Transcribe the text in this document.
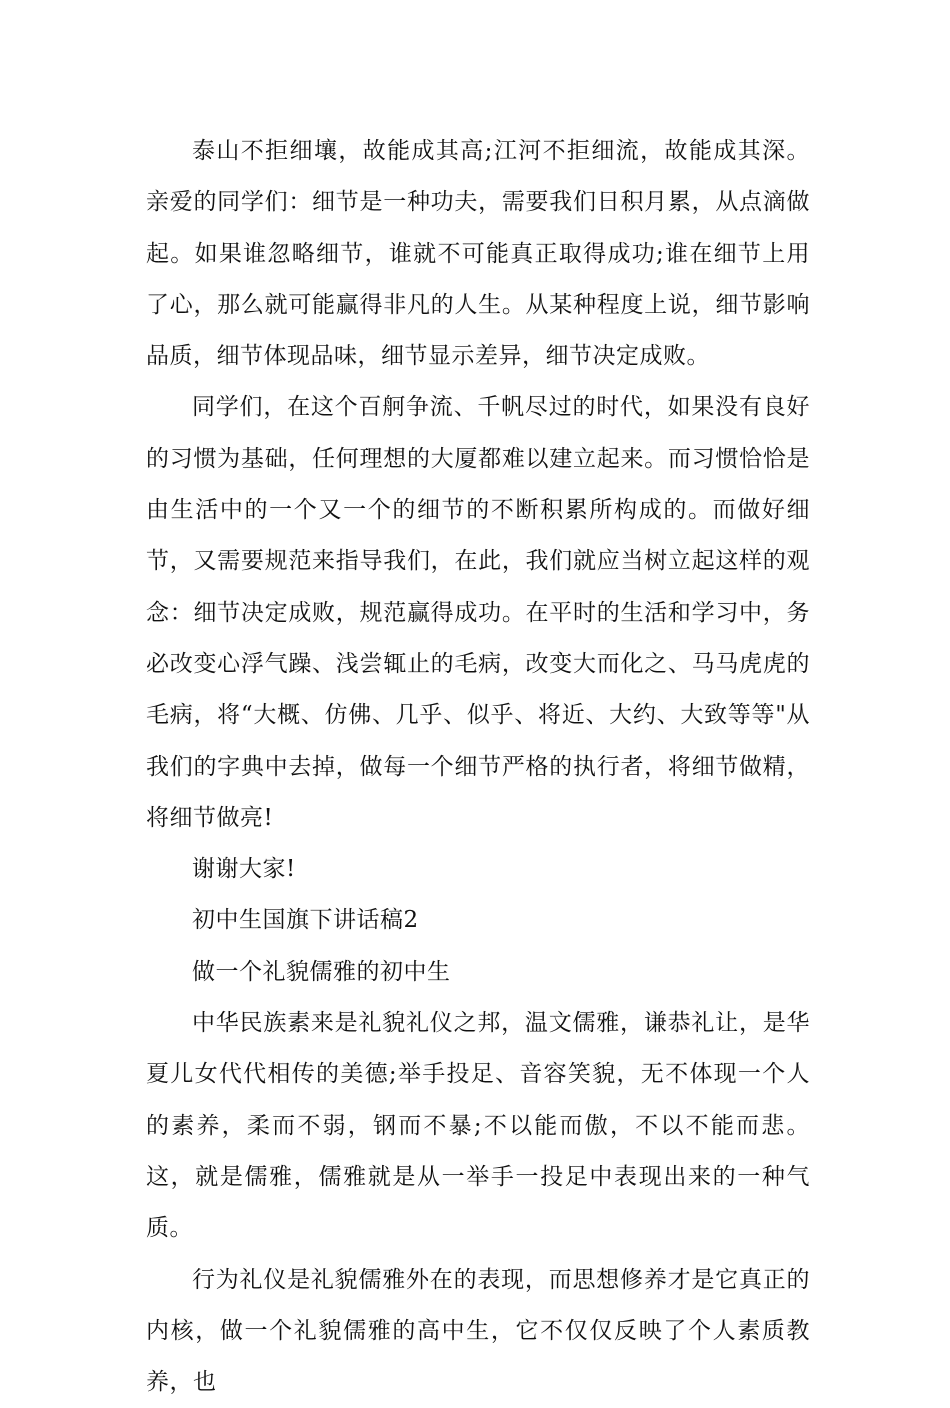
泰山不拒细壤，故能成其高;江河不拒细流，故能成其深。亲爱的同学们：细节是一种功夫，需要我们日积月累，从点滴做起。如果谁忽略细节，谁就不可能真正取得成功;谁在细节上用了心，那么就可能赢得非凡的人生。从某种程度上说，细节影响品质，细节体现品味，细节显示差异，细节决定成败。

同学们，在这个百舸争流、千帆尽过的时代，如果没有良好的习惯为基础，任何理想的大厦都难以建立起来。而习惯恰恰是由生活中的一个又一个的细节的不断积累所构成的。而做好细节，又需要规范来指导我们，在此，我们就应当树立起这样的观念：细节决定成败，规范赢得成功。在平时的生活和学习中，务必改变心浮气躁、浅尝辄止的毛病，改变大而化之、马马虎虎的毛病，将“大概、仿佛、几乎、似乎、将近、大约、大致等等"从我们的字典中去掉，做每一个细节严格的执行者，将细节做精，将细节做亮!

谢谢大家!

初中生国旗下讲话稿2

做一个礼貌儒雅的初中生

中华民族素来是礼貌礼仪之邦，温文儒雅，谦恭礼让，是华夏儿女代代相传的美德;举手投足、音容笑貌，无不体现一个人的素养，柔而不弱，钢而不暴;不以能而傲，不以不能而悲。这，就是儒雅，儒雅就是从一举手一投足中表现出来的一种气质。

行为礼仪是礼貌儒雅外在的表现，而思想修养才是它真正的内核，做一个礼貌儒雅的高中生，它不仅仅反映了个人素质教养，也
